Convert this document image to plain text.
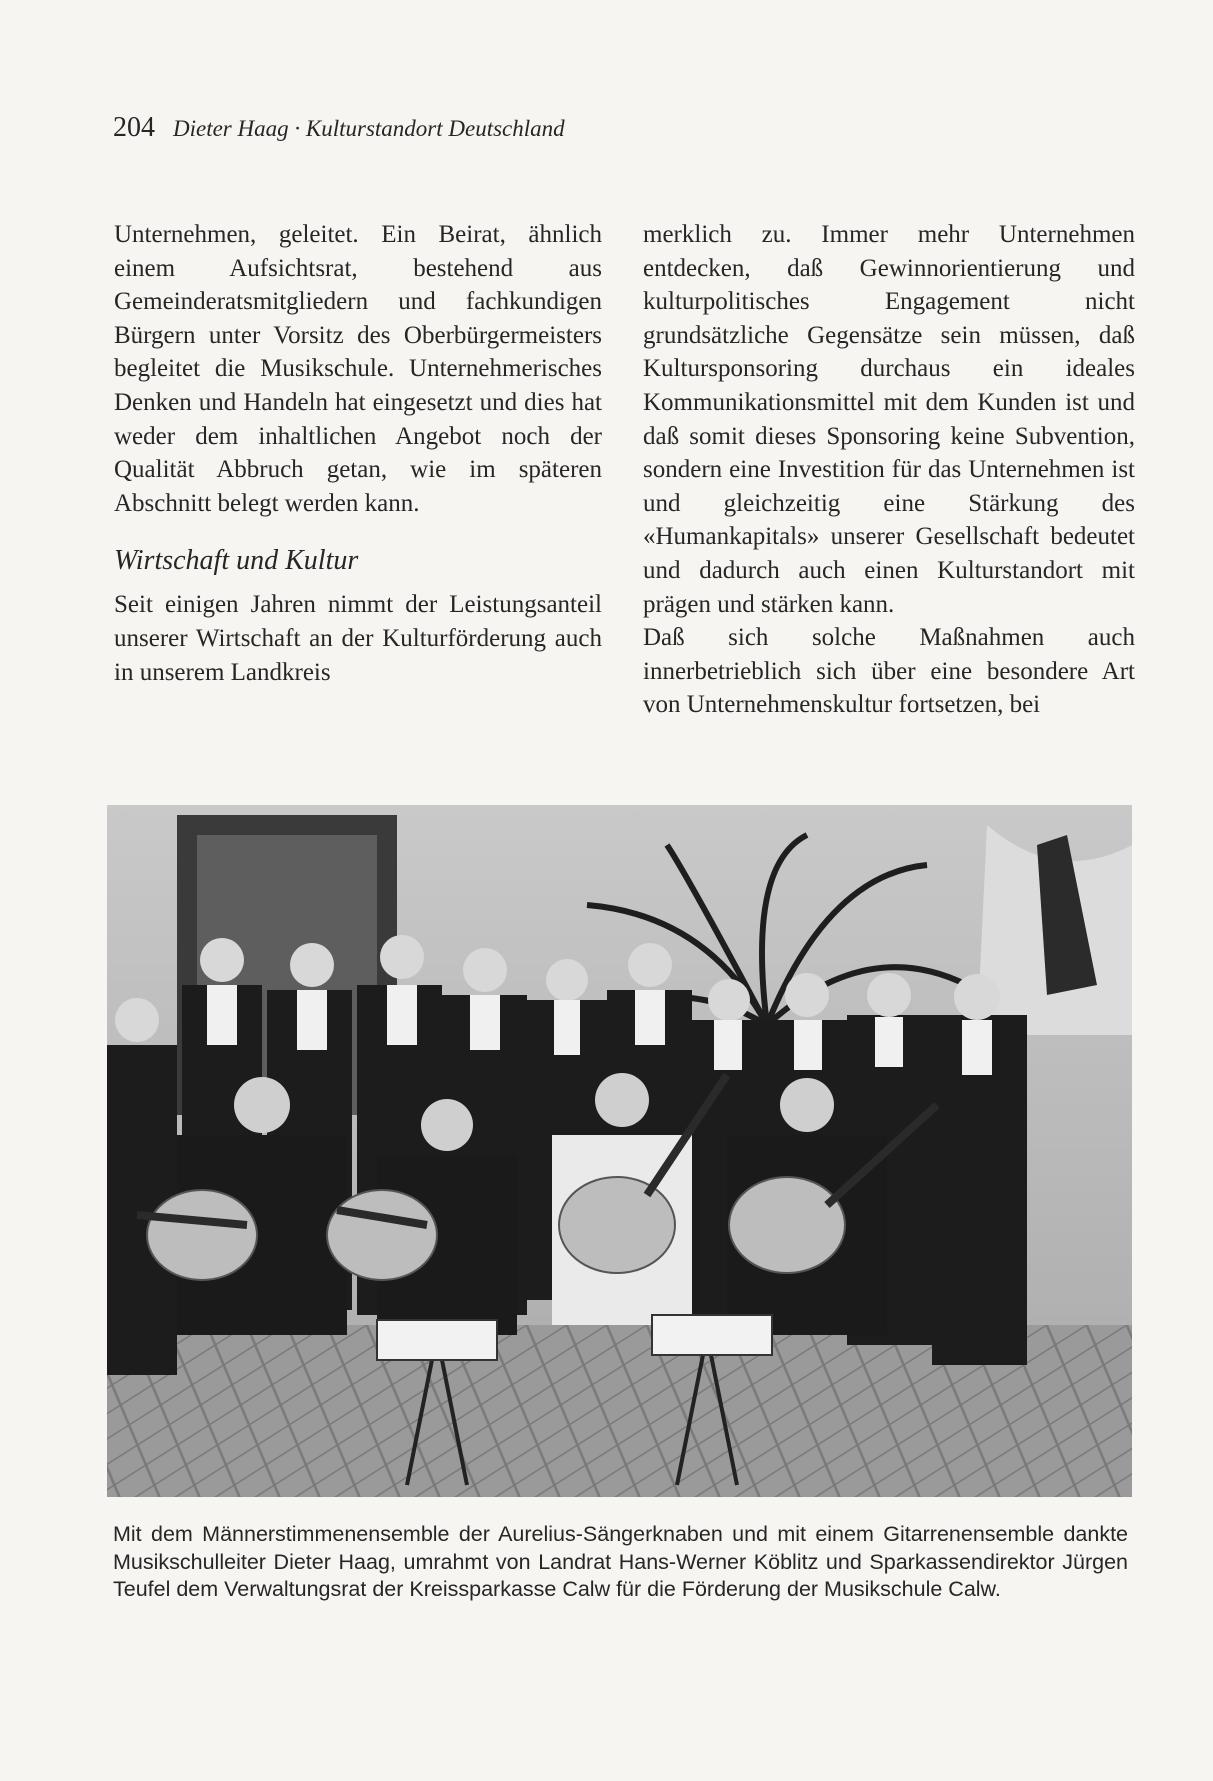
204 Dieter Haag · Kulturstandort Deutschland

Unternehmen, geleitet. Ein Beirat, ähnlich einem Aufsichtsrat, bestehend aus Gemeinderatsmitgliedern und fachkundigen Bürgern unter Vorsitz des Oberbürgermeisters begleitet die Musikschule. Unternehmerisches Denken und Handeln hat eingesetzt und dies hat weder dem inhaltlichen Angebot noch der Qualität Abbruch getan, wie im späteren Abschnitt belegt werden kann.

Wirtschaft und Kultur

Seit einigen Jahren nimmt der Leistungsanteil unserer Wirtschaft an der Kulturförderung auch in unserem Landkreis

merklich zu. Immer mehr Unternehmen entdecken, daß Gewinnorientierung und kulturpolitisches Engagement nicht grundsätzliche Gegensätze sein müssen, daß Kultursponsoring durchaus ein ideales Kommunikationsmittel mit dem Kunden ist und daß somit dieses Sponsoring keine Subvention, sondern eine Investition für das Unternehmen ist und gleichzeitig eine Stärkung des «Humankapitals» unserer Gesellschaft bedeutet und dadurch auch einen Kulturstandort mit prägen und stärken kann.

Daß sich solche Maßnahmen auch innerbetrieblich sich über eine besondere Art von Unternehmenskultur fortsetzen, bei

Mit dem Männerstimmenensemble der Aurelius-Sängerknaben und mit einem Gitarrenensemble dankte Musikschulleiter Dieter Haag, umrahmt von Landrat Hans-Werner Köblitz und Sparkassendirektor Jürgen Teufel dem Verwaltungsrat der Kreissparkasse Calw für die Förderung der Musikschule Calw.
